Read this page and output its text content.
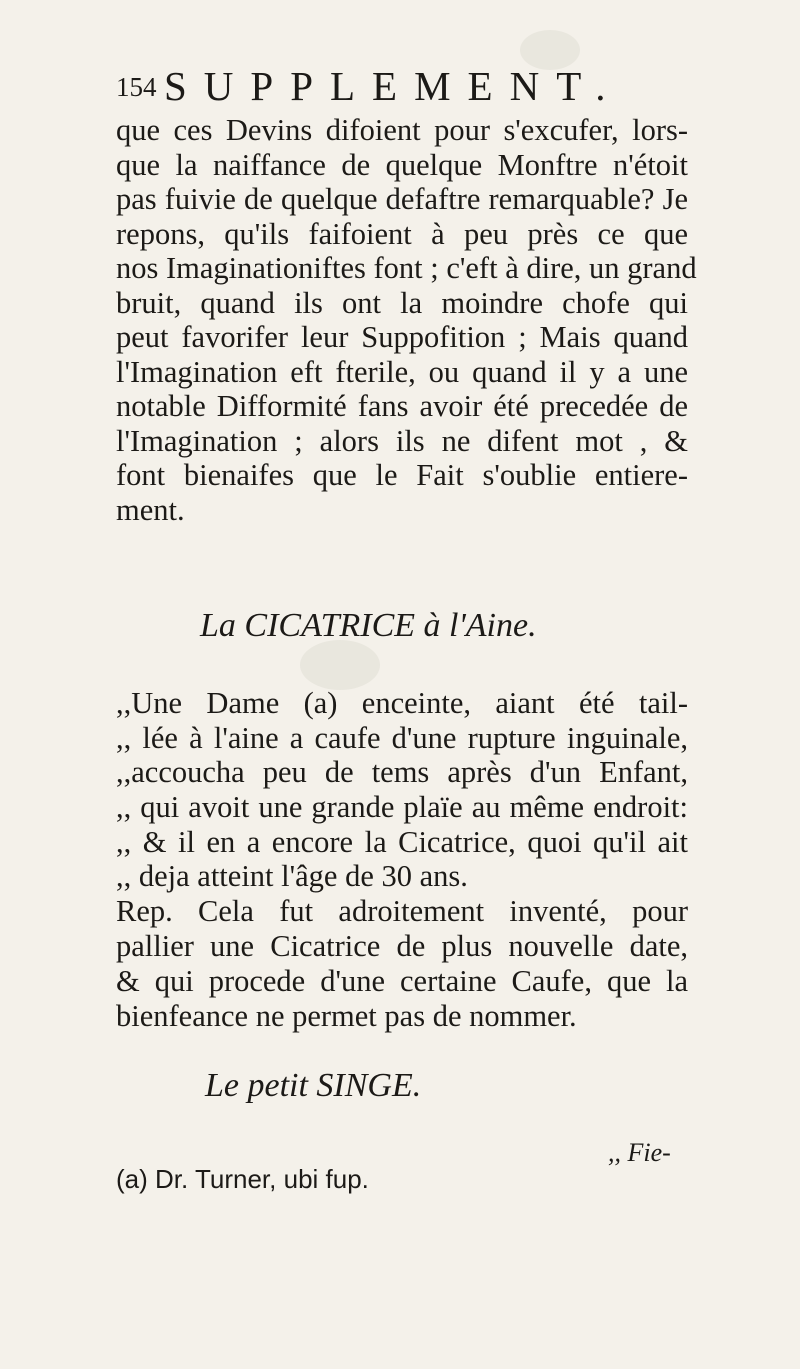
154 SUPPLEMENT.
que ces Devins difoient pour s'excufer, lors-
que la naiffance de quelque Monftre n'étoit
pas fuivie de quelque defaftre remarquable? Je
repons, qu'ils faifoient à peu près ce que
nos Imaginationiftes font ; c'eft à dire, un grand
bruit, quand ils ont la moindre chofe qui
peut favorifer leur Suppofition ; Mais quand
l'Imagination eft fterile, ou quand il y a une
notable Difformité fans avoir été precedée de
l'Imagination ; alors ils ne difent mot , &
font bienaifes que le Fait s'oublie entiere-
ment.
La CICATRICE à l'Aine.
,,Une Dame (a) enceinte, aiant été tail-
,, lée à l'aine a caufe d'une rupture inguinale,
,,accoucha peu de tems après d'un Enfant,
,, qui avoit une grande plaïe au même endroit:
,, & il en a encore la Cicatrice, quoi qu'il ait
,, deja atteint l'âge de 30 ans.
Rep. Cela fut adroitement inventé, pour
pallier une Cicatrice de plus nouvelle date,
& qui procede d'une certaine Caufe, que la
bienfeance ne permet pas de nommer.
Le petit SINGE.
,, Fie-
(a) Dr. Turner, ubi fup.
